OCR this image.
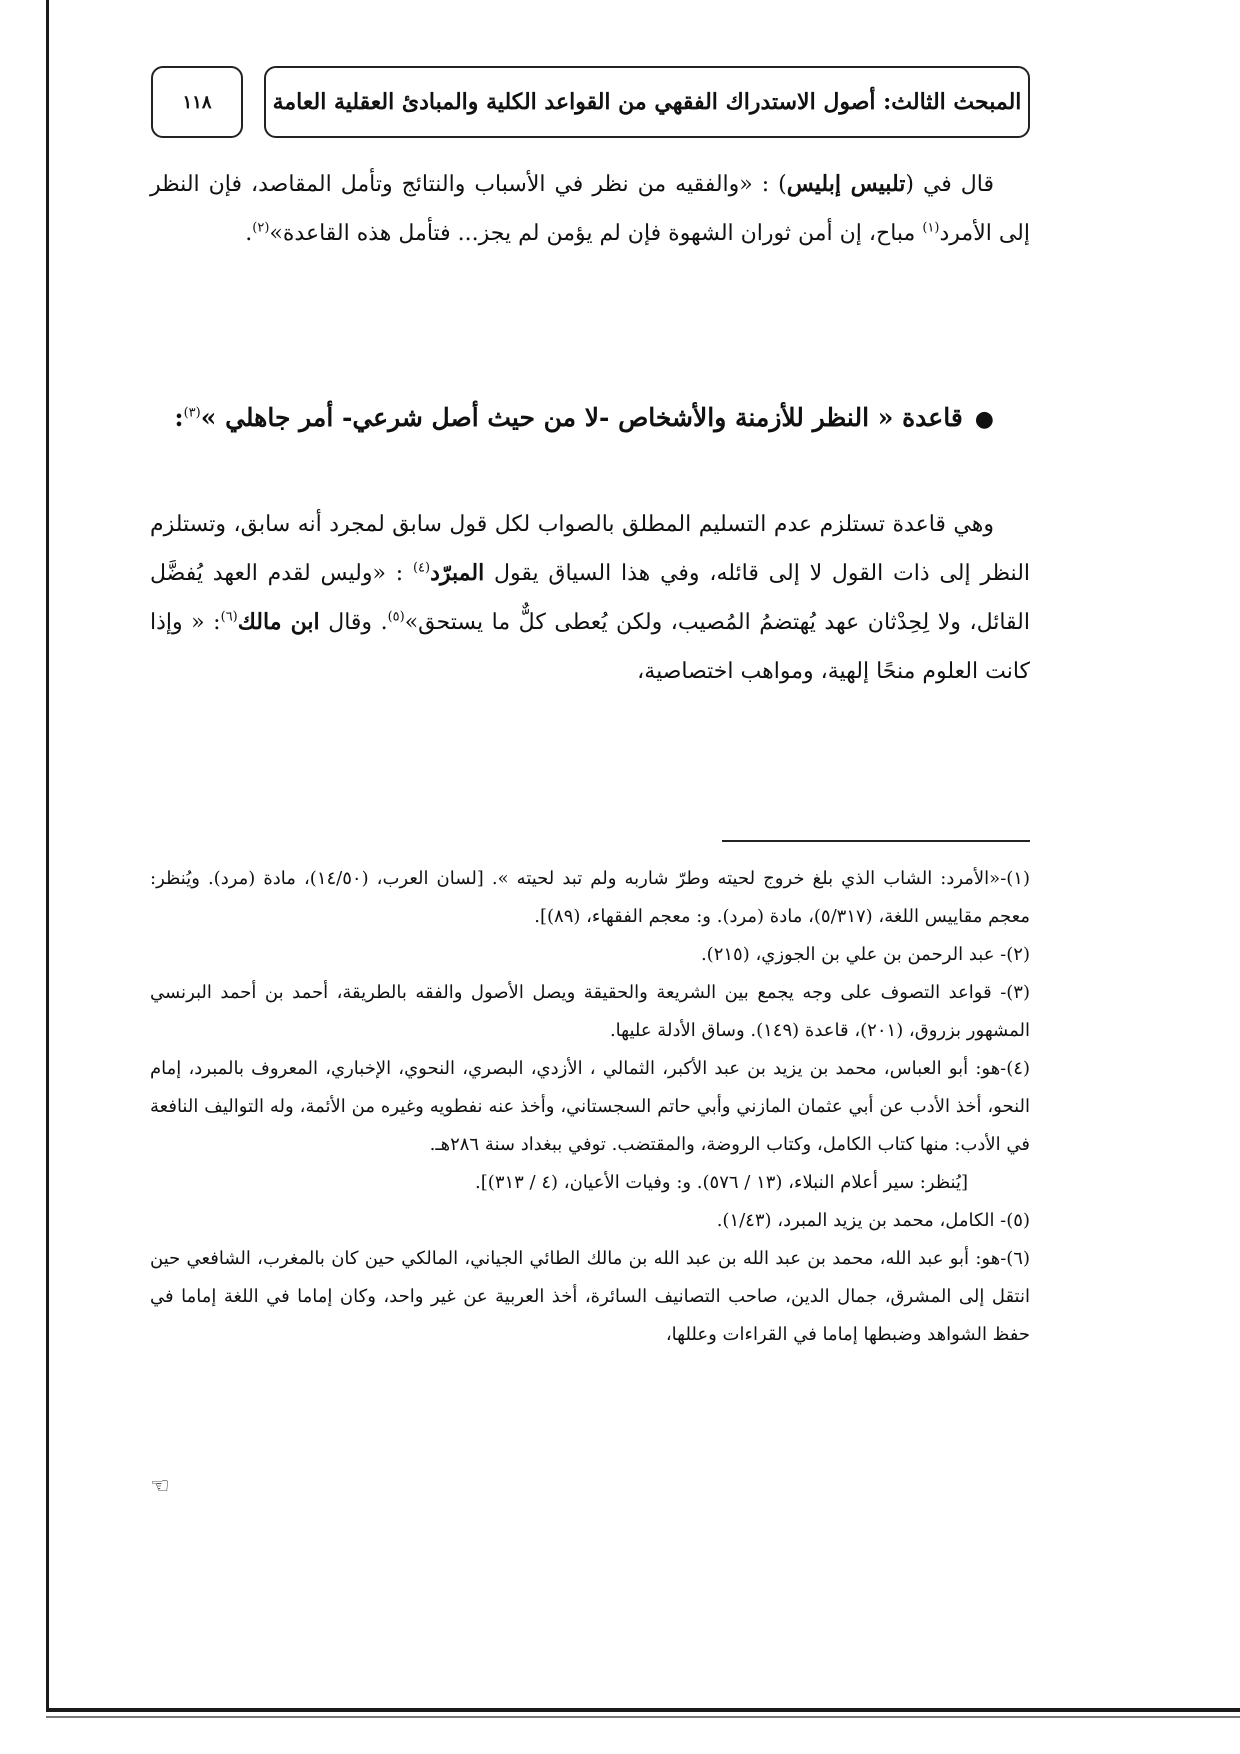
المبحث الثالث: أصول الاستدراك الفقهي من القواعد الكلية والمبادئ العقلية العامة
١١٨
قال في (تلبيس إبليس) : «والفقيه من نظر في الأسباب والنتائج وتأمل المقاصد، فإن النظر إلى الأمرد$^{(١)}$ مباح، إن أمن ثوران الشهوة فإن لم يؤمن لم يجز... فتأمل هذه القاعدة»$^{(٢)}$.
●قاعدة « النظر للأزمنة والأشخاص -لا من حيث أصل شرعي- أمر جاهلي »$^{(٣)}$:
وهي قاعدة تستلزم عدم التسليم المطلق بالصواب لكل قول سابق لمجرد أنه سابق، وتستلزم النظر إلى ذات القول لا إلى قائله، وفي هذا السياق يقول المبرّد$^{(٤)}$ : «وليس لقدم العهد يُفضَّل القائل، ولا لِحِدْثان عهد يُهتضمُ المُصيب، ولكن يُعطى كلٌّ ما يستحق»$^{(٥)}$. وقال ابن مالك$^{(٦)}$: « وإذا كانت العلوم منحًا إلهية، ومواهب اختصاصية،

(١)-«الأمرد: الشاب الذي بلغ خروج لحيته وطرّ شاربه ولم تبد لحيته ». [لسان العرب، (١٤/٥٠)، مادة (مرد). ويُنظر: معجم مقاييس اللغة، (٥/٣١٧)، مادة (مرد). و: معجم الفقهاء، (٨٩)].

(٢)- عبد الرحمن بن علي بن الجوزي، (٢١٥).

(٣)- قواعد التصوف على وجه يجمع بين الشريعة والحقيقة ويصل الأصول والفقه بالطريقة، أحمد بن أحمد البرنسي المشهور بزروق، (٢٠١)، قاعدة (١٤٩). وساق الأدلة عليها.

(٤)-هو: أبو العباس، محمد بن يزيد بن عبد الأكبر، الثمالي ، الأزدي، البصري، النحوي، الإخباري، المعروف بالمبرد، إمام النحو، أخذ الأدب عن أبي عثمان المازني وأبي حاتم السجستاني، وأخذ عنه نفطويه وغيره من الأئمة، وله التواليف النافعة في الأدب: منها كتاب الكامل، وكتاب الروضة، والمقتضب. توفي ببغداد سنة ٢٨٦هـ.

[يُنظر: سير أعلام النبلاء، (١٣ / ٥٧٦). و: وفيات الأعيان، (٤ / ٣١٣)].

(٥)- الكامل، محمد بن يزيد المبرد، (١/٤٣).

(٦)-هو: أبو عبد الله، محمد بن عبد الله بن عبد الله بن مالك الطائي الجياني، المالكي حين كان بالمغرب، الشافعي حين انتقل إلى المشرق، جمال الدين، صاحب التصانيف السائرة، أخذ العربية عن غير واحد، وكان إماما في اللغة إماما في حفظ الشواهد وضبطها إماما في القراءات وعللها،

☜
